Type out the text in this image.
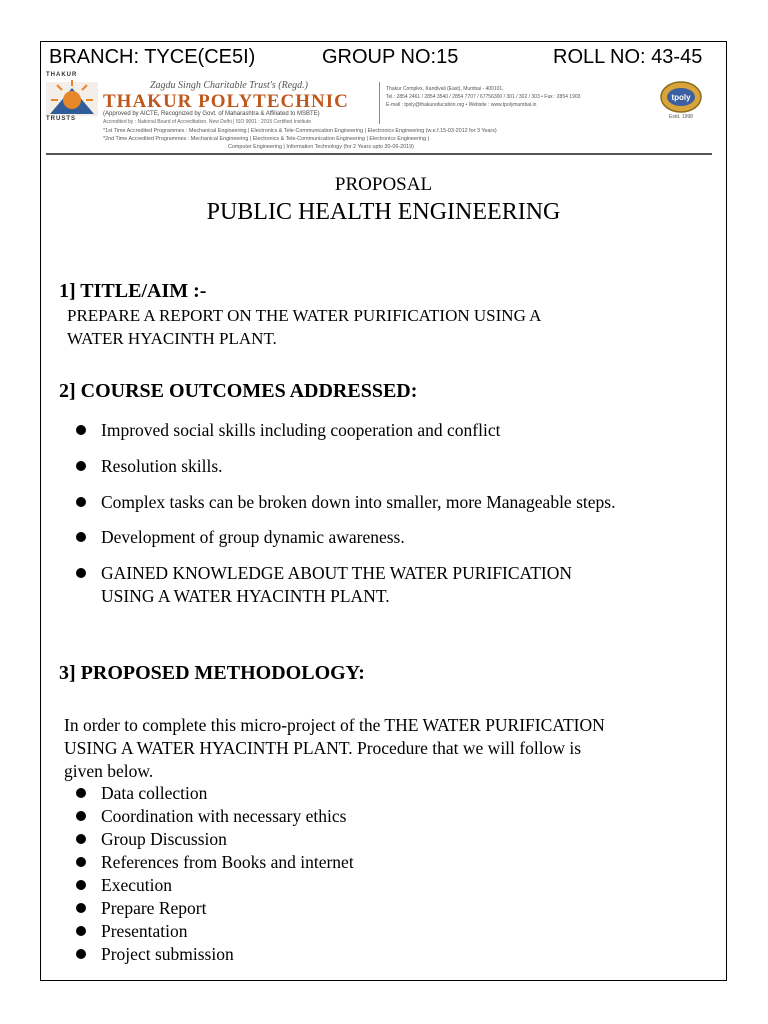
BRANCH: TYCE(CE5I)	GROUP NO:15	ROLL NO: 43-45
THAKUR
TRUSTS
Zagdu Singh Charitable Trust's (Regd.)
THAKUR POLYTECHNIC
(Approved by AICTE, Recognized by Govt. of Maharashtra & Affiliated to MSBTE)
Accredited by : National Board of Accreditation, New Delhi | ISO 9001 : 2015 Certified Institute
Thakur Complex, Kandivali (East), Mumbai - 400101.
Tel.: 2854 2461 / 2854 3540 / 2854 7707 / 67756300 / 301 / 302 / 303 • Fax : 2854 1903
E-mail : tpoly@thakureducation.org • Website : www.tpolymumbai.in
tpoly
Estd. 1998
*1st Time Accredited Programmes : Mechanical Engineering | Electronics & Tele-Communication Engineering | Electronics Engineering (w.e.f.15-03-2012 for 3 Years)
*2nd Time Accredited Programmes : Mechanical Engineering | Electronics & Tele-Communication Engineering | Electronics Engineering |
Computer Engineering | Information Technology (for 2 Years upto 30-06-2019)
PROPOSAL
PUBLIC HEALTH ENGINEERING
1] TITLE/AIM :-
PREPARE A REPORT ON THE WATER PURIFICATION USING A
WATER HYACINTH PLANT.
2] COURSE OUTCOMES ADDRESSED:
Improved social skills including cooperation and conflict
Resolution skills.
Complex tasks can be broken down into smaller, more Manageable steps.
Development of group dynamic awareness.
GAINED KNOWLEDGE ABOUT THE WATER PURIFICATION
USING A WATER HYACINTH PLANT.
3] PROPOSED METHODOLOGY:
In order to complete this micro-project of the THE WATER PURIFICATION
USING A WATER HYACINTH PLANT. Procedure that we will follow is
given below.
Data collection
Coordination with necessary ethics
Group Discussion
References from Books and internet
Execution
Prepare Report
Presentation
Project submission
